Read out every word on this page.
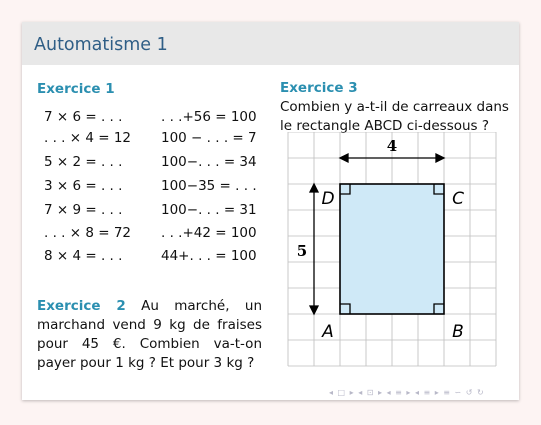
Automatisme 1
Exercice 1
7 × 6 = . . .
. . . × 4 = 12
5 × 2 = . . .
3 × 6 = . . .
7 × 9 = . . .
. . . × 8 = 72
8 × 4 = . . .
. . .+56 = 100
100 − . . . = 7
100−. . . = 34
100−35 = . . .
100−. . . = 31
. . .+42 = 100
44+. . . = 100
Exercice 2 Au marché, un marchand vend 9 kg de fraises pour 45 €. Combien va-t-on payer pour 1 kg ? Et pour 3 kg ?
Exercice 3
Combien y a-t-il de carreaux dans le rectangle ABCD ci-dessous ?
4
5
D	C
A	B
◂ □ ▸ ◂ ⊡ ▸ ◂ ≡ ▸ ◂ ≡ ▸ ≡ ∽ ↺ ↻
